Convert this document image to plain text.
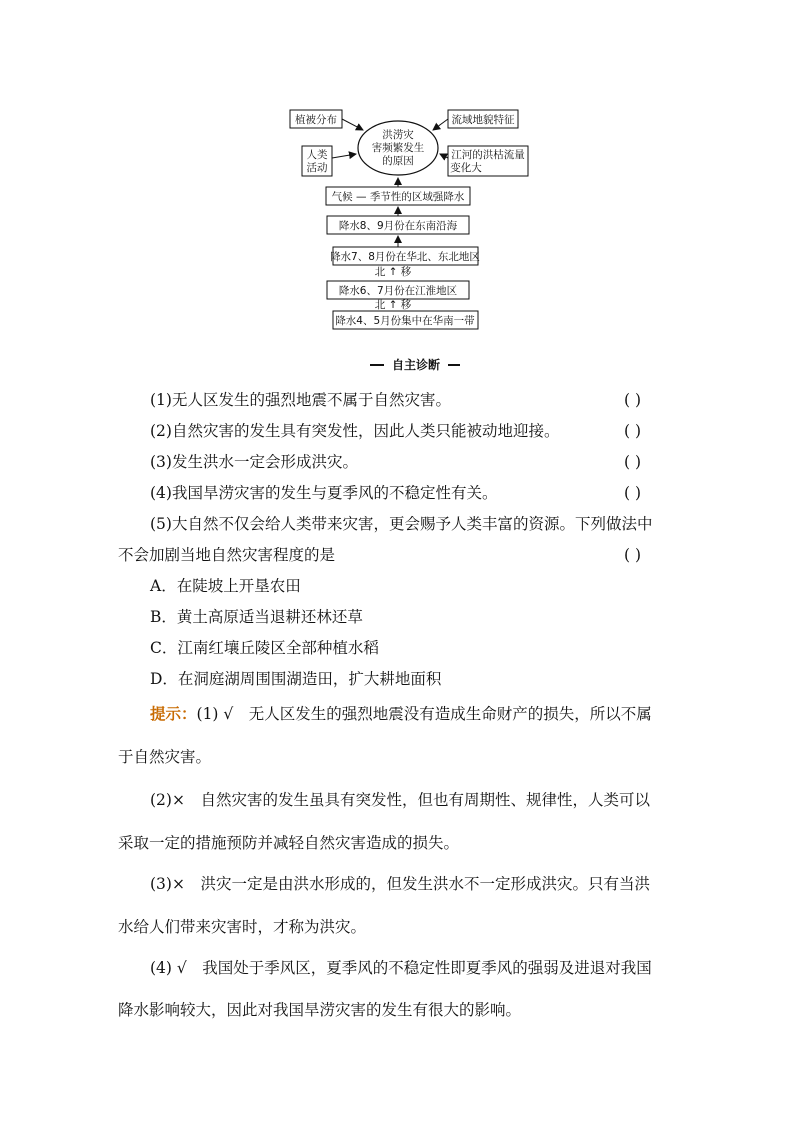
洪涝灾
害频繁发生
的原因
植被分布	流域地貌特征
人类
活动
江河的洪枯流量
变化大
气候 — 季节性的区域强降水
降水8、9月份在东南沿海
降水7、8月份在华北、东北地区
北 ↑ 移
降水6、7月份在江淮地区
北 ↑ 移
降水4、5月份集中在华南一带
自主诊断
(1)无人区发生的强烈地震不属于自然灾害。	( )
(2)自然灾害的发生具有突发性，因此人类只能被动地迎接。	( )
(3)发生洪水一定会形成洪灾。	( )
(4)我国旱涝灾害的发生与夏季风的不稳定性有关。	( )
(5)大自然不仅会给人类带来灾害，更会赐予人类丰富的资源。下列做法中
不会加剧当地自然灾害程度的是	( )
A．在陡坡上开垦农田
B．黄土高原适当退耕还林还草
C．江南红壤丘陵区全部种植水稻
D．在洞庭湖周围围湖造田，扩大耕地面积
提示：(1) √　无人区发生的强烈地震没有造成生命财产的损失，所以不属
于自然灾害。
(2)×　自然灾害的发生虽具有突发性，但也有周期性、规律性，人类可以
采取一定的措施预防并减轻自然灾害造成的损失。
(3)×　洪灾一定是由洪水形成的，但发生洪水不一定形成洪灾。只有当洪
水给人们带来灾害时，才称为洪灾。
(4) √　我国处于季风区，夏季风的不稳定性即夏季风的强弱及进退对我国
降水影响较大，因此对我国旱涝灾害的发生有很大的影响。
